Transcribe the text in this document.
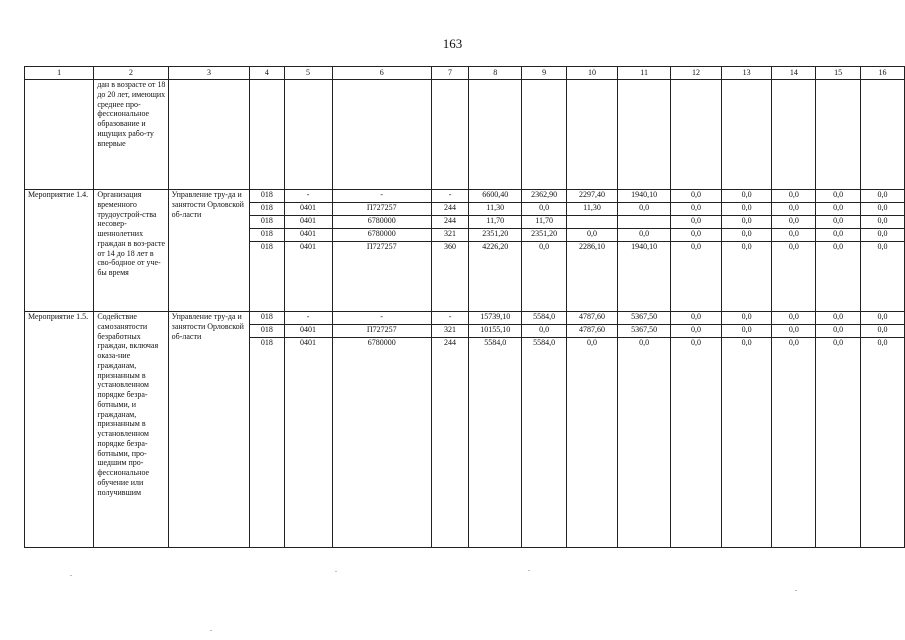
163
1	2	3	4	5	6	7	8	9	10	11	12	13	14	15	16
	дан в возрасте от 18 до 20 лет, имеющих среднее про-фессиональное образование и ищущих рабо-ту впервые														
Мероприятие 1.4.	Организация временного трудоустрой-ства несовер-шеннолетних граждан в воз-расте от 14 до 18 лет в сво-бодное от уче-бы время	Управление тру-да и занятости Орловской об-ласти	018	-	-	-	6600,40	2362,90	2297,40	1940,10	0,0	0,0	0,0	0,0	0,0
			018	0401	П727257	244	11,30	0,0	11,30	0,0	0,0	0,0	0,0	0,0	0,0
			018	0401	6780000	244	11,70	11,70			0,0	0,0	0,0	0,0	0,0
			018	0401	6780000	321	2351,20	2351,20	0,0	0,0	0,0	0,0	0,0	0,0	0,0
			018	0401	П727257	360	4226,20	0,0	2286,10	1940,10	0,0	0,0	0,0	0,0	0,0
Мероприятие 1.5.	Содействие самозанятости безработных граждан, включая оказа-ние гражданам, признанным в установленном порядке безра-ботными, и гражданам, признанным в установленном порядке безра-ботными, про-шедшим про-фессиональное обучение или получившим	Управление тру-да и занятости Орловской об-ласти	018	-	-	-	15739,10	5584,0	4787,60	5367,50	0,0	0,0	0,0	0,0	0,0
			018	0401	П727257	321	10155,10	0,0	4787,60	5367,50	0,0	0,0	0,0	0,0	0,0
			018	0401	6780000	244	5584,0	5584,0	0,0	0,0	0,0	0,0	0,0	0,0	0,0
